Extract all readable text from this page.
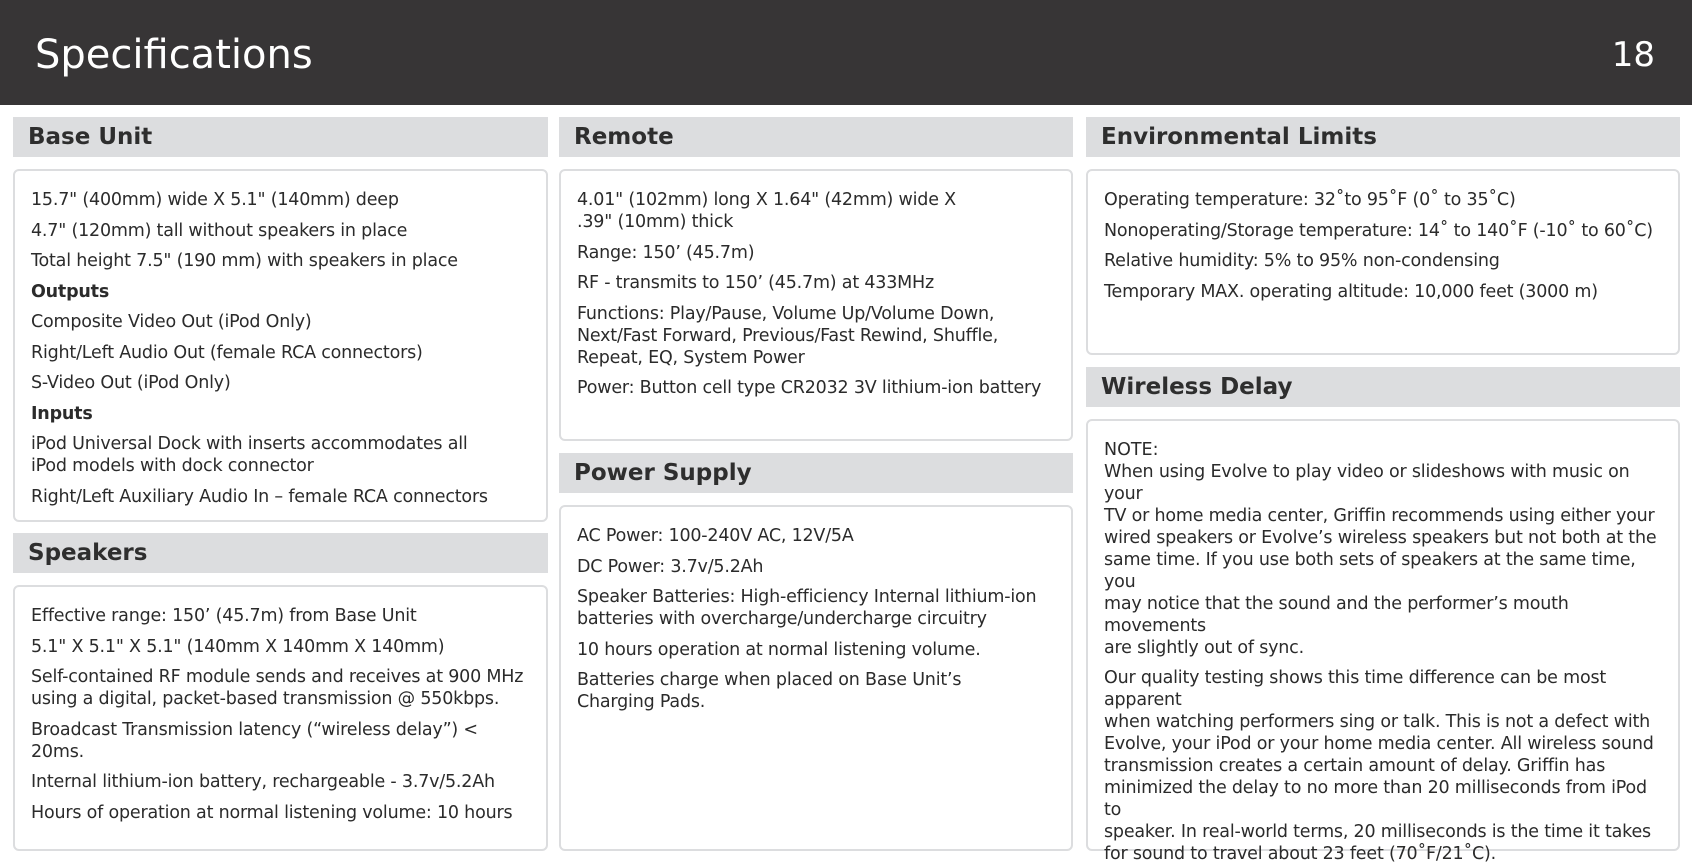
Specifications	18
Base Unit
15.7" (400mm) wide X 5.1" (140mm) deep
4.7" (120mm) tall without speakers in place
Total height 7.5" (190 mm) with speakers in place
Outputs
Composite Video Out (iPod Only)
Right/Left Audio Out (female RCA connectors)
S-Video Out (iPod Only)
Inputs
iPod Universal Dock with inserts accommodates all
iPod models with dock connector
Right/Left Auxiliary Audio In – female RCA connectors
Speakers
Effective range: 150’ (45.7m) from Base Unit
5.1" X 5.1" X 5.1" (140mm X 140mm X 140mm)
Self-contained RF module sends and receives at 900 MHz
using a digital, packet-based transmission @ 550kbps.
Broadcast Transmission latency (“wireless delay”) < 20ms.
Internal lithium-ion battery, rechargeable - 3.7v/5.2Ah
Hours of operation at normal listening volume: 10 hours
Remote
4.01" (102mm) long X 1.64" (42mm) wide X
.39" (10mm) thick
Range: 150’ (45.7m)
RF - transmits to 150’ (45.7m) at 433MHz
Functions: Play/Pause, Volume Up/Volume Down,
Next/Fast Forward, Previous/Fast Rewind, Shuffle,
Repeat, EQ, System Power
Power: Button cell type CR2032 3V lithium-ion battery
Power Supply
AC Power: 100-240V AC, 12V/5A
DC Power: 3.7v/5.2Ah
Speaker Batteries: High-efficiency Internal lithium-ion
batteries with overcharge/undercharge circuitry
10 hours operation at normal listening volume.
Batteries charge when placed on Base Unit’s
Charging Pads.
Environmental Limits
Operating temperature: 32˚to 95˚F (0˚ to 35˚C)
Nonoperating/Storage temperature: 14˚ to 140˚F (-10˚ to 60˚C)
Relative humidity: 5% to 95% non-condensing
Temporary MAX. operating altitude: 10,000 feet (3000 m)
Wireless Delay
NOTE:
When using Evolve to play video or slideshows with music on your
TV or home media center, Griffin recommends using either your
wired speakers or Evolve’s wireless speakers but not both at the
same time. If you use both sets of speakers at the same time, you
may notice that the sound and the performer’s mouth movements
are slightly out of sync.
Our quality testing shows this time difference can be most apparent
when watching performers sing or talk. This is not a defect with
Evolve, your iPod or your home media center. All wireless sound
transmission creates a certain amount of delay. Griffin has
minimized the delay to no more than 20 milliseconds from iPod to
speaker. In real-world terms, 20 milliseconds is the time it takes
for sound to travel about 23 feet (70˚F/21˚C).
